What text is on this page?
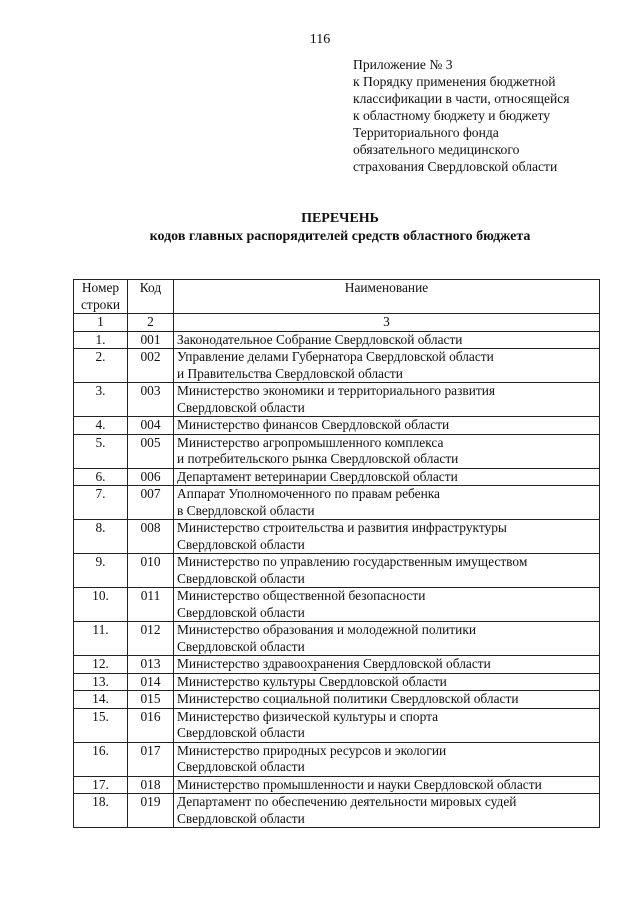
116
Приложение № 3
к Порядку применения бюджетной
классификации в части, относящейся
к областному бюджету и бюджету
Территориального фонда
обязательного медицинского
страхования Свердловской области
ПЕРЕЧЕНЬ
кодов главных распорядителей средств областного бюджета
Номер
строки	Код	Наименование
1	2	3
1.	001	Законодательное Собрание Свердловской области

2.	002	Управление делами Губернатора Свердловской области
и Правительства Свердловской области

3.	003	Министерство экономики и территориального развития
Свердловской области

4.	004	Министерство финансов Свердловской области

5.	005	Министерство агропромышленного комплекса
и потребительского рынка Свердловской области

6.	006	Департамент ветеринарии Свердловской области

7.	007	Аппарат Уполномоченного по правам ребенка
в Свердловской области

8.	008	Министерство строительства и развития инфраструктуры
Свердловской области

9.	010	Министерство по управлению государственным имуществом
Свердловской области

10.	011	Министерство общественной безопасности
Свердловской области

11.	012	Министерство образования и молодежной политики
Свердловской области

12.	013	Министерство здравоохранения Свердловской области

13.	014	Министерство культуры Свердловской области

14.	015	Министерство социальной политики Свердловской области

15.	016	Министерство физической культуры и спорта
Свердловской области

16.	017	Министерство природных ресурсов и экологии
Свердловской области

17.	018	Министерство промышленности и науки Свердловской области

18.	019	Департамент по обеспечению деятельности мировых судей
Свердловской области
